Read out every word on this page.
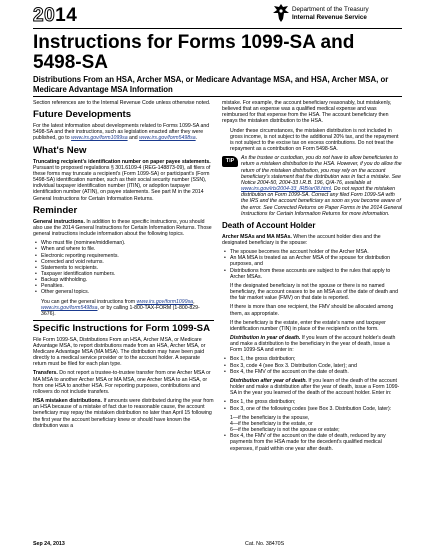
2014	Department of the Treasury
Internal Revenue Service
Instructions for Forms 1099-SA and 5498-SA
Distributions From an HSA, Archer MSA, or Medicare Advantage MSA, and HSA, Archer MSA, or Medicare Advantage MSA Information

Section references are to the Internal Revenue Code unless otherwise noted.

Future Developments

For the latest information about developments related to Forms 1099-SA and 5498-SA and their instructions, such as legislation enacted after they were published, go to www.irs.gov/form1099sa and www.irs.gov/form5498sa.

What's New

Truncating recipient's identification number on paper payee statements. Pursuant to proposed regulations § 301.6109-4 (REG-148873-09), all filers of these forms may truncate a recipient's (Form 1099-SA) or participant's (Form 5498-SA) identification number, such as their social security number (SSN), individual taxpayer identification number (ITIN), or adoption taxpayer identification number (ATIN), on payee statements. See part M in the 2014 General Instructions for Certain Information Returns.

Reminder

General instructions. In addition to these specific instructions, you should also use the 2014 General Instructions for Certain Information Returns. Those general instructions include information about the following topics.

• Who must file (nominee/middleman).
• When and where to file.
• Electronic reporting requirements.
• Corrected and void returns.
• Statements to recipients.
• Taxpayer identification numbers.
• Backup withholding.
• Penalties.
• Other general topics.

You can get the general instructions from www.irs.gov/form1099sa, www.irs.gov/form5498sa, or by calling 1-800-TAX-FORM (1-800-829-3676).

Specific Instructions for Form 1099-SA

File Form 1099-SA, Distributions From an HSA, Archer MSA, or Medicare Advantage MSA, to report distributions made from an HSA, Archer MSA, or Medicare Advantage MSA (MA MSA). The distribution may have been paid directly to a medical service provider or to the account holder. A separate return must be filed for each plan type.

Transfers. Do not report a trustee-to-trustee transfer from one Archer MSA or MA MSA to another Archer MSA or MA MSA, one Archer MSA to an HSA, or from one HSA to another HSA. For reporting purposes, contributions and rollovers do not include transfers.

HSA mistaken distributions. If amounts were distributed during the year from an HSA because of a mistake of fact due to reasonable cause, the account beneficiary may repay the mistaken distribution no later than April 15 following the first year the account beneficiary knew or should have known the distribution was a

mistake. For example, the account beneficiary reasonably, but mistakenly, believed that an expense was a qualified medical expense and was reimbursed for that expense from the HSA. The account beneficiary then repays the mistaken distribution to the HSA.

Under these circumstances, the mistaken distribution is not included in gross income, is not subject to the additional 20% tax, and the repayment is not subject to the excise tax on excess contributions. Do not treat the repayment as a contribution on Form 5498-SA.

TIP	As the trustee or custodian, you do not have to allow beneficiaries to return a mistaken distribution to the HSA. However, if you do allow the return of the mistaken distribution, you may rely on the account beneficiary's statement that the distribution was in fact a mistake. See Notice 2004-50, 2004-33 I.R.B. 196, Q/A-76, available at www.irs.gov/irb/2004-33_IRB/ar08.html. Do not report the mistaken distribution on Form 1099-SA. Correct any filed Form 1099-SA with the IRS and the account beneficiary as soon as you become aware of the error. See Corrected Returns on Paper Forms in the 2014 General Instructions for Certain Information Returns for more information.
Death of Account Holder

Archer MSAs and MA MSAs. When the account holder dies and the designated beneficiary is the spouse:

• The spouse becomes the account holder of the Archer MSA.
• An MA MSA is treated as an Archer MSA of the spouse for distribution purposes, and
• Distributions from these accounts are subject to the rules that apply to Archer MSAs.

If the designated beneficiary is not the spouse or there is no named beneficiary, the account ceases to be an MSA as of the date of death and the fair market value (FMV) on that date is reported.

If there is more than one recipient, the FMV should be allocated among them, as appropriate.

If the beneficiary is the estate, enter the estate's name and taxpayer identification number (TIN) in place of the recipient's on the form.

Distribution in year of death. If you learn of the account holder's death and make a distribution to the beneficiary in the year of death, issue a Form 1099-SA and enter in:

• Box 1, the gross distribution;
• Box 3, code 4 (see Box 3. Distribution Code, later); and
• Box 4, the FMV of the account on the date of death.

Distribution after year of death. If you learn of the death of the account holder and make a distribution after the year of death, issue a Form 1099-SA in the year you learned of the death of the account holder. Enter in:

• Box 1, the gross distribution;
• Box 3, one of the following codes (see Box 3. Distribution Code, later):
1—if the beneficiary is the spouse,
4—if the beneficiary is the estate, or
6—if the beneficiary is not the spouse or estate;
• Box 4, the FMV of the account on the date of death, reduced by any payments from the HSA made for the decedent's qualified medical expenses, if paid within one year after death.
Sep 24, 2013	Cat. No. 38470S
